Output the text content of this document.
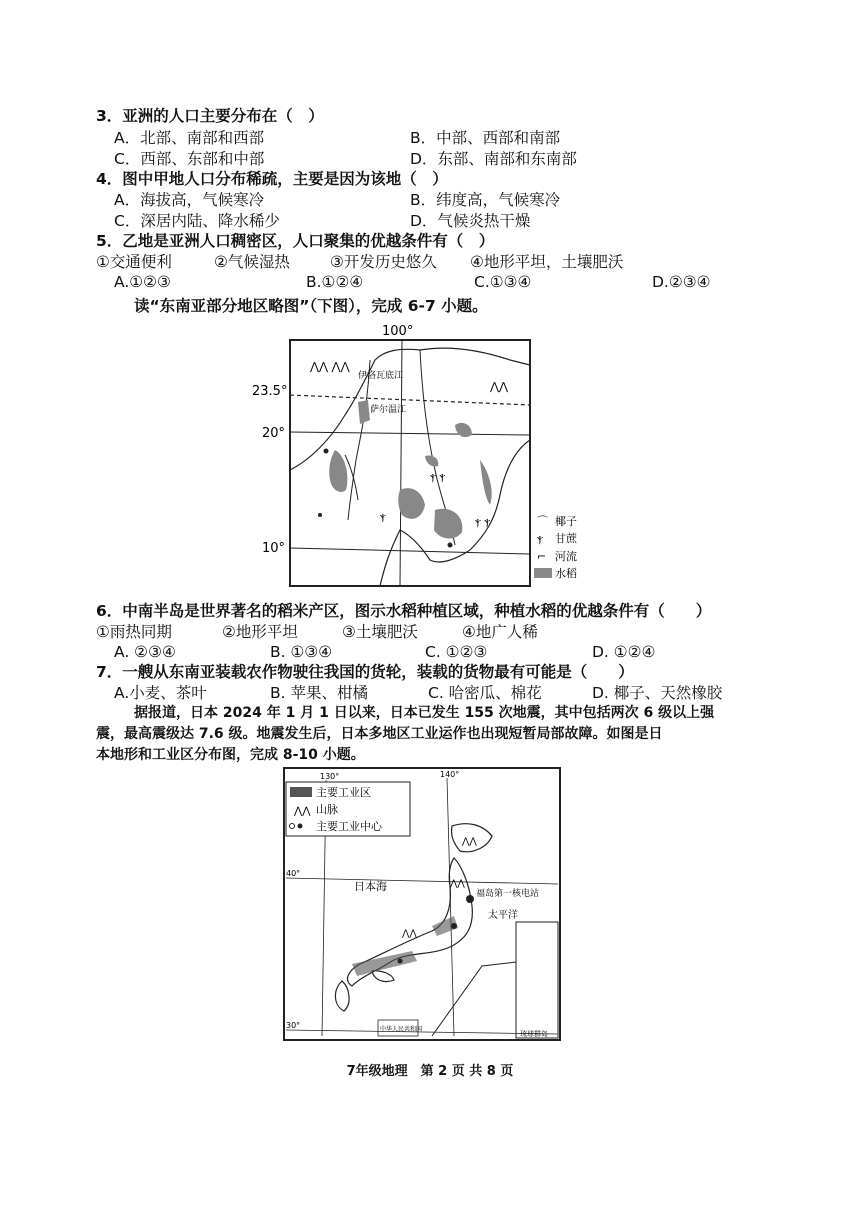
3．亚洲的人口主要分布在（　）
A．北部、南部和西部	B．中部、西部和南部
C．西部、东部和中部	D．东部、南部和东南部
4．图中甲地人口分布稀疏，主要是因为该地（　）
A．海拔高，气候寒冷	B．纬度高，气候寒冷
C．深居内陆、降水稀少	D．气候炎热干燥
5．乙地是亚洲人口稠密区，人口聚集的优越条件有（　）
①交通便利	②气候湿热	③开发历史悠久 ④地形平坦，土壤肥沃
A.①②③	B.①②④	C.①③④	D.②③④
读“东南亚部分地区略图”（下图），完成 6-7 小题。
100°
23.5°
20°
10°
伊洛瓦底江
萨尔温江
⋀⋀ ⋀⋀
⋀⋀
ⲯ ⲯ
ⲯ	ⲯ ⲯ	⌒
ⲯ
⌐
椰子
甘蔗
河流
水稻
6．中南半岛是世界著名的稻米产区，图示水稻种植区域，种植水稻的优越条件有（　　）
①雨热同期	②地形平坦	③土壤肥沃	④地广人稀
A. ②③④	B. ①③④	C. ①②③	D. ①②④
7．一艘从东南亚装载农作物驶往我国的货轮，装载的货物最有可能是（　　）
A.小麦、茶叶	B. 苹果、柑橘	C. 哈密瓜、棉花	D. 椰子、天然橡胶
据报道，日本 2024 年 1 月 1 日以来，日本已发生 155 次地震，其中包括两次 6 级以上强
震，最高震级达 7.6 级。地震发生后，日本多地区工业运作也出现短暂局部故障。如图是日
本地形和工业区分布图，完成 8-10 小题。
130°	140°
40°
30°
⋀⋀
主要工业区
山脉
主要工业中心
⋀⋀
⋀⋀
⋀⋀
日本海
福岛第一核电站
太平洋
琉球群岛
中华人民共和国
7年级地理　第 2 页 共 8 页
